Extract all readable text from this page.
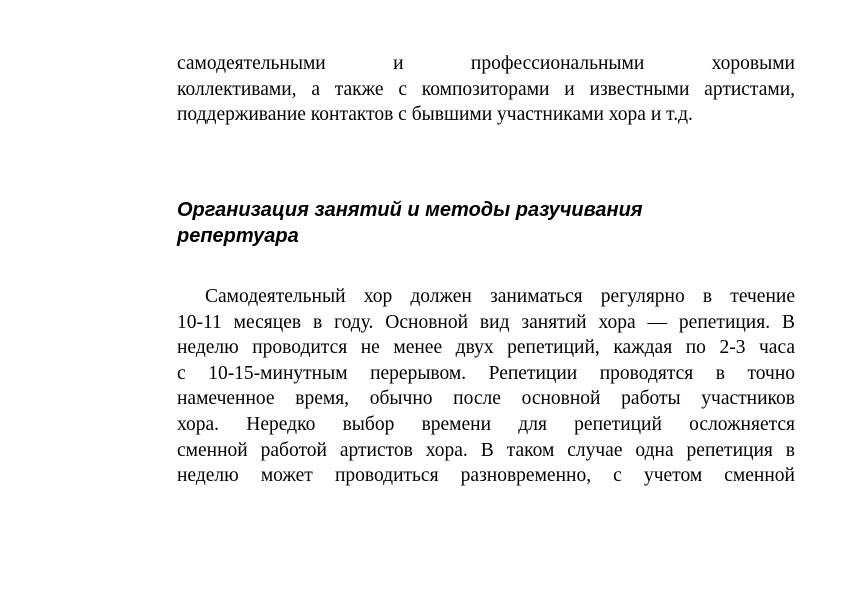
самодеятельными и профессиональными хоровыми
коллективами, а также с композиторами и известными артистами,
поддерживание контактов с бывшими участниками хора и т.д.
Организация занятий и методы разучивания
репертуара
Самодеятельный хор должен заниматься регулярно в течение
10-11 месяцев в году. Основной вид занятий хора — репетиция. В
неделю проводится не менее двух репетиций, каждая по 2-3 часа
с 10-15-минутным перерывом. Репетиции проводятся в точно
намеченное время, обычно после основной работы участников
хора. Нередко выбор времени для репетиций осложняется
сменной работой артистов хора. В таком случае одна репетиция в
неделю может проводиться разновременно, с учетом сменной
